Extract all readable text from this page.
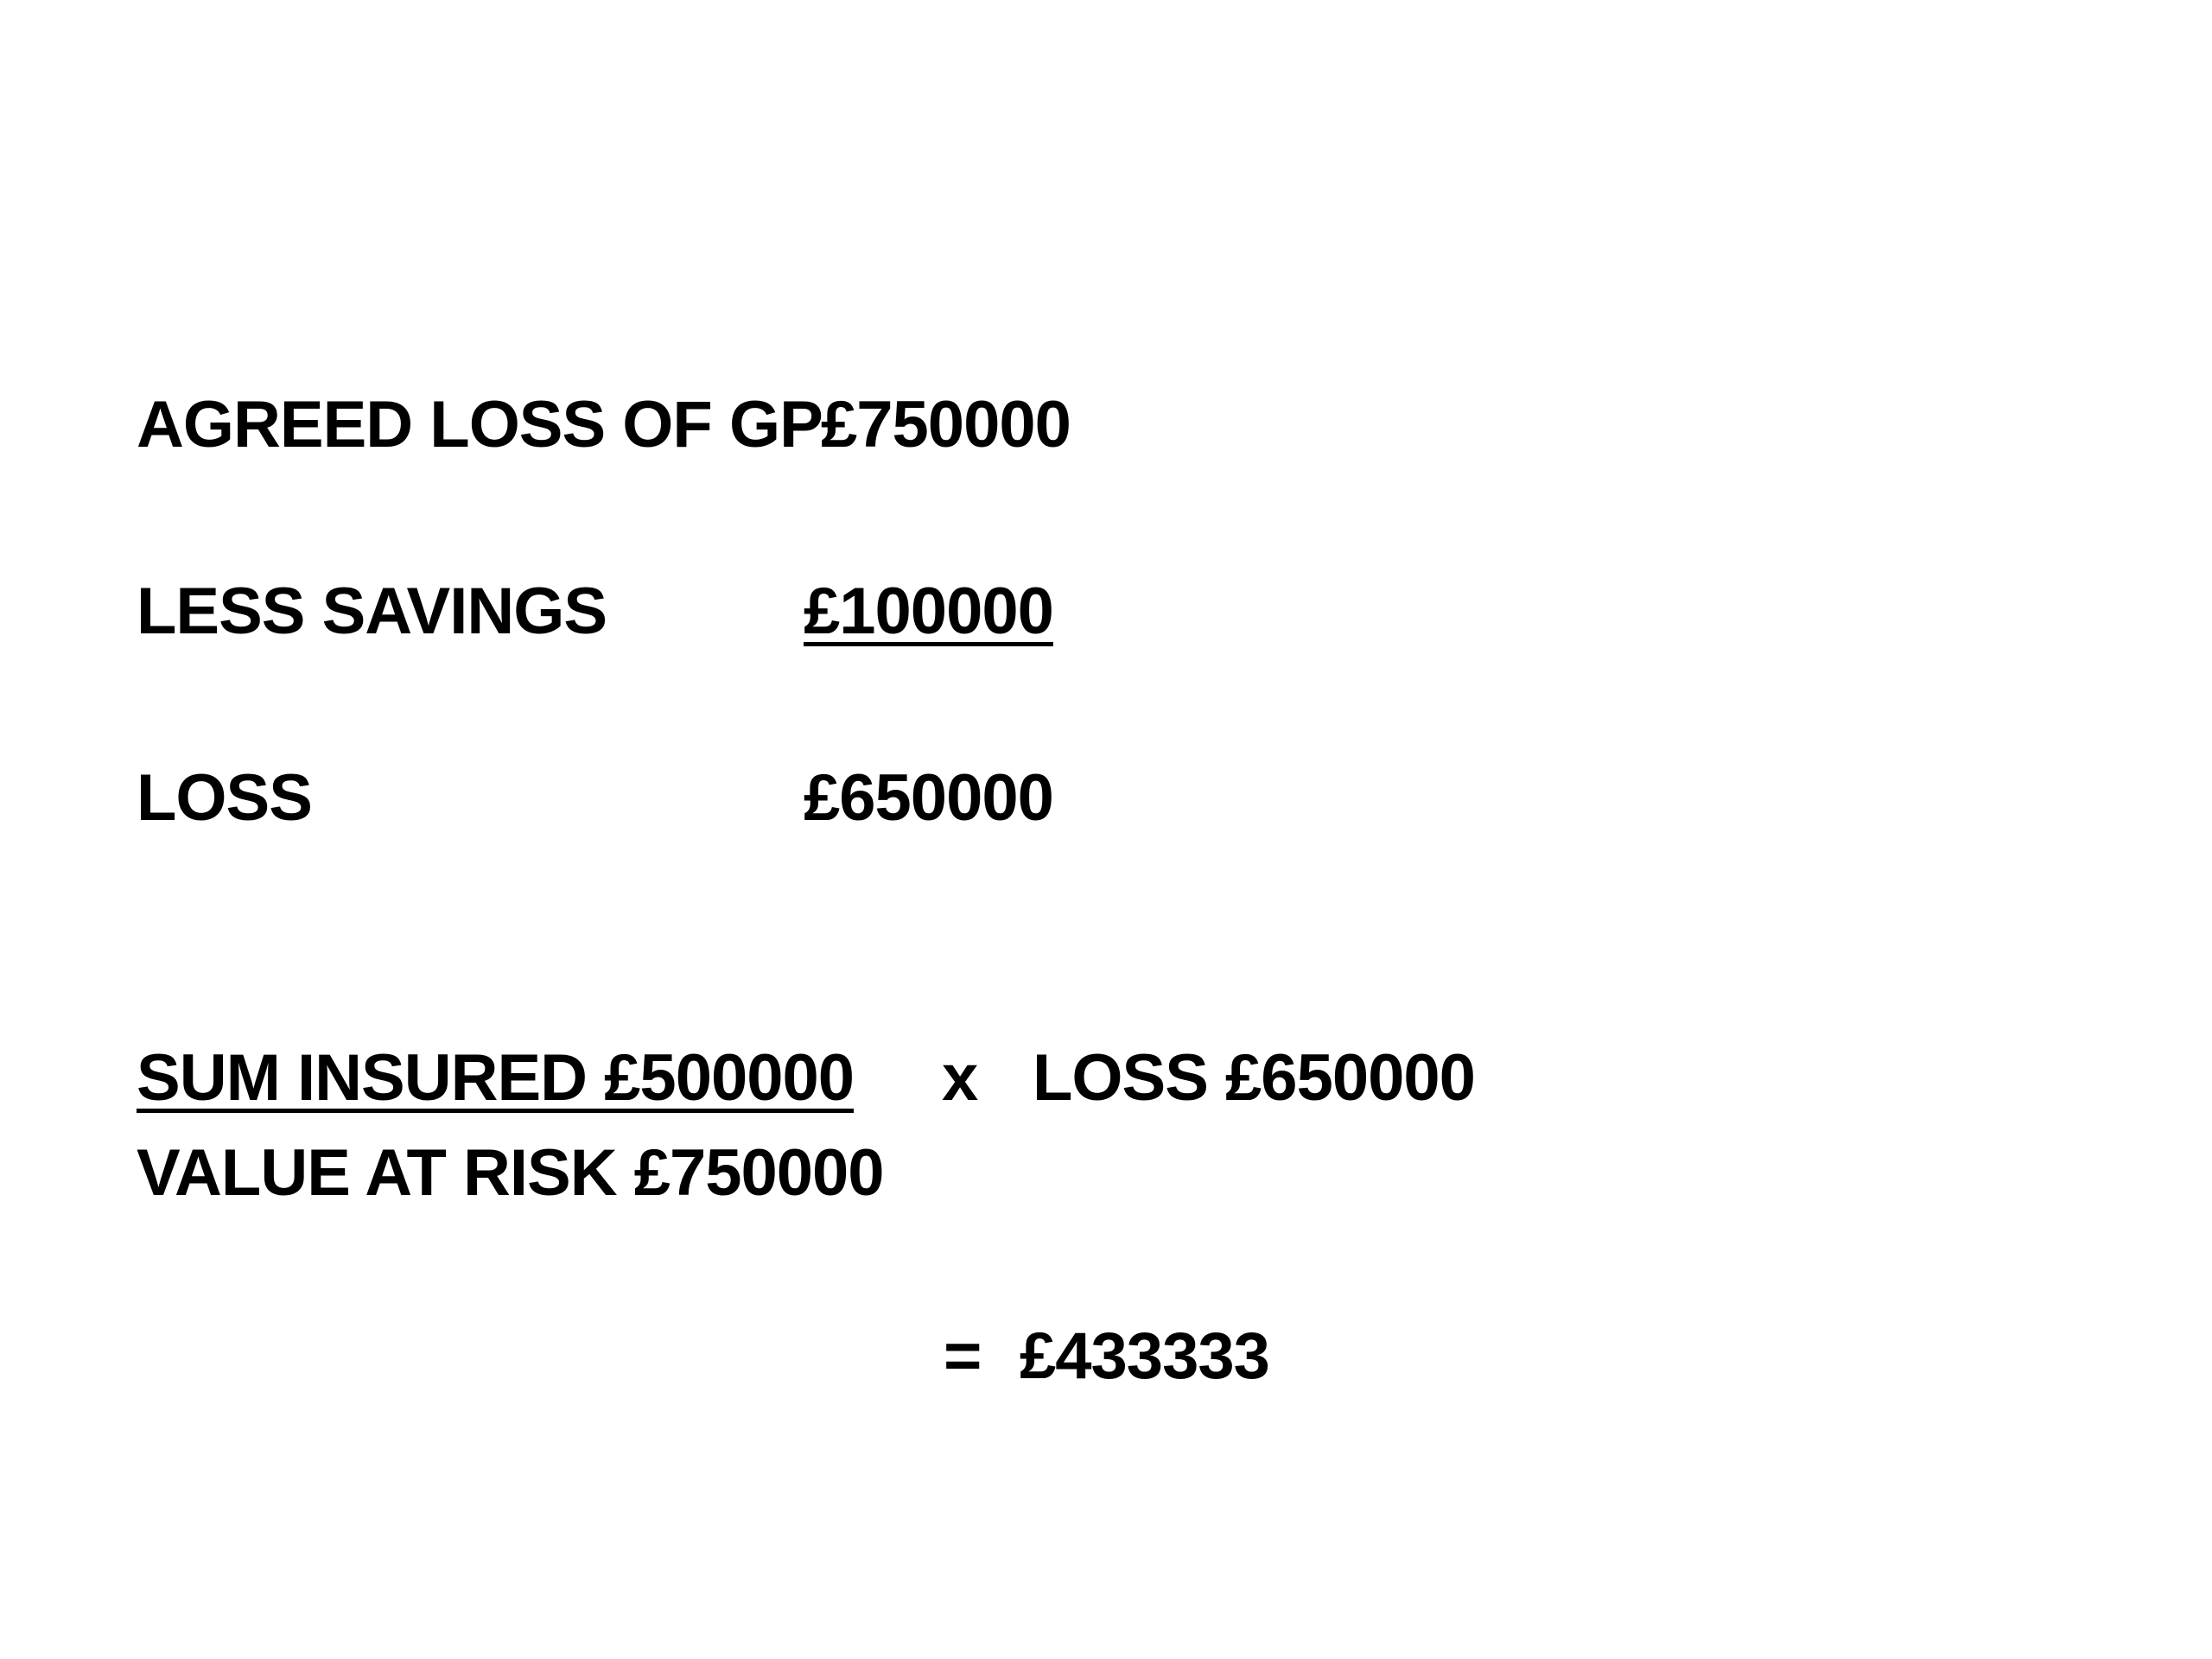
AGREED LOSS OF GP
£750000
LESS SAVINGS	£100000
LOSS	£650000
SUM INSURED £500000 x LOSS £650000
VALUE AT RISK £750000
= £433333
